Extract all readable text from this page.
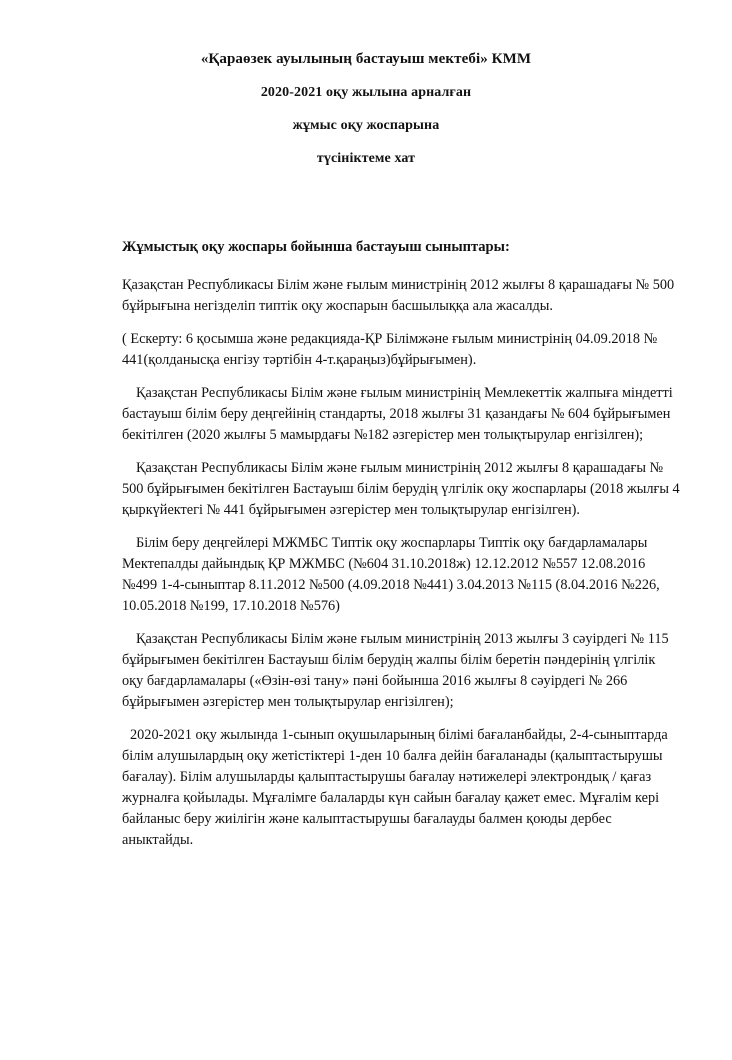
«Қараөзек ауылының бастауыш мектебі» КММ
2020-2021 оқу жылына арналған
жұмыс оқу жоспарына
түсініктеме хат
Жұмыстық оқу жоспары бойынша бастауыш сыныптары:

Қазақстан Республикасы Білім және ғылым министрінің 2012 жылғы 8 қарашадағы № 500 бұйрығына негізделіп типтік оқу жоспарын басшылыққа ала жасалды.

( Ескерту: 6 қосымша және редакциядa-ҚР Білімжәне ғылым министрінің 04.09.2018 № 441(қолданысқа енгізу тәртібін 4-т.қараңыз)бұйрығымен).

Қазақстан Республикасы Білім және ғылым министрінің Мемлекеттік жалпыға міндетті бастауыш білім беру деңгейінің стандарты, 2018 жылғы 31 қазандағы № 604 бұйрығымен бекітілген (2020 жылғы 5 мамырдағы №182 әзгерістер мен толықтырулар енгізілген);

Қазақстан Республикасы Білім және ғылым министрінің 2012 жылғы 8 қарашадағы № 500 бұйрығымен бекітілген Бастауыш білім берудің үлгілік оқу жоспарлары (2018 жылғы 4 қыркүйектегі № 441 бұйрығымен әзгерістер мен толықтырулар енгізілген).

Білім беру деңгейлері МЖМБС Типтік оқу жоспарлары Типтік оқу бағдарламалары Мектепалды дайындық ҚР МЖМБС (№604 31.10.2018ж) 12.12.2012 №557 12.08.2016 №499 1-4-сыныптар 8.11.2012 №500 (4.09.2018 №441) 3.04.2013 №115 (8.04.2016 №226, 10.05.2018 №199, 17.10.2018 №576)

Қазақстан Республикасы Білім және ғылым министрінің 2013 жылғы 3 сәуірдегі № 115 бұйрығымен бекітілген Бастауыш білім берудің жалпы білім беретін пәндерінің үлгілік оқу бағдарламалары («Өзін-өзі тану» пәні бойынша 2016 жылғы 8 сәуірдегі № 266 бұйрығымен әзгерістер мен толықтырулар енгізілген);

2020-2021 оқу жылында 1-сынып оқушыларының білімі бағаланбайды, 2-4-сыныптарда білім алушылардың оқу жетістіктері 1-ден 10 балға дейін бағаланады (қалыптастырушы бағалау). Білім алушыларды қалыптастырушы бағалау нәтижелері электрондық / қағаз журналға қойылады. Мұғалімге балаларды күн сайын бағалау қажет емес. Мұғалім кері байланыс беру жиілігін және калыптастырушы бағалауды балмен қоюды дербес аныктайды.
